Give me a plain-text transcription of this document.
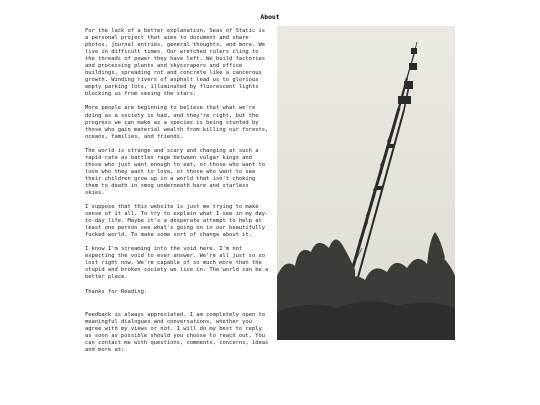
About

For the lack of a better explanation, Seas of Static is a personal project that aims to document and share photos, journal entries, general thoughts, and more. We live in difficult times. Our wretched rulers cling to the threads of power they have left. We build factories and processing plants and skyscrapers and office buildings, spreading rot and concrete like a cancerous growth. Winding rivers of asphalt lead us to glorious empty parking lots, illuminated by fluorescent lights blocking us from seeing the stars.

More people are beginning to believe that what we're doing as a society is bad, and they're right, but the progress we can make as a species is being stunted by those who gain material wealth from killing our forests, oceans, families, and friends.

The world is strange and scary and changing at such a rapid rate as battles rage between vulgar kings and those who just want enough to eat, or those who want to love who they want to love, or those who want to see their children grow up in a world that isn't choking them to death in smog underneath bare and starless skies.

I suppose that this website is just me trying to make sense of it all. To try to explain what I see in my day-to-day life. Maybe it's a desperate attempt to help at least one person see what's going on in our beautifully fucked world. To make some sort of change about it.

I know I'm screaming into the void here. I'm not expecting the void to ever answer. We're all just so so lost right now. We're capable of so much more than the stupid and broken society we live in. The world can be a better place.

Thanks for Reading.

Feedback is always appreciated. I am completely open to meaningful dialogues and conversations, whether you agree with my views or not. I will do my best to reply as soon as possible should you choose to reach out. You can contact me with questions, comments, concerns, ideas and more at:
